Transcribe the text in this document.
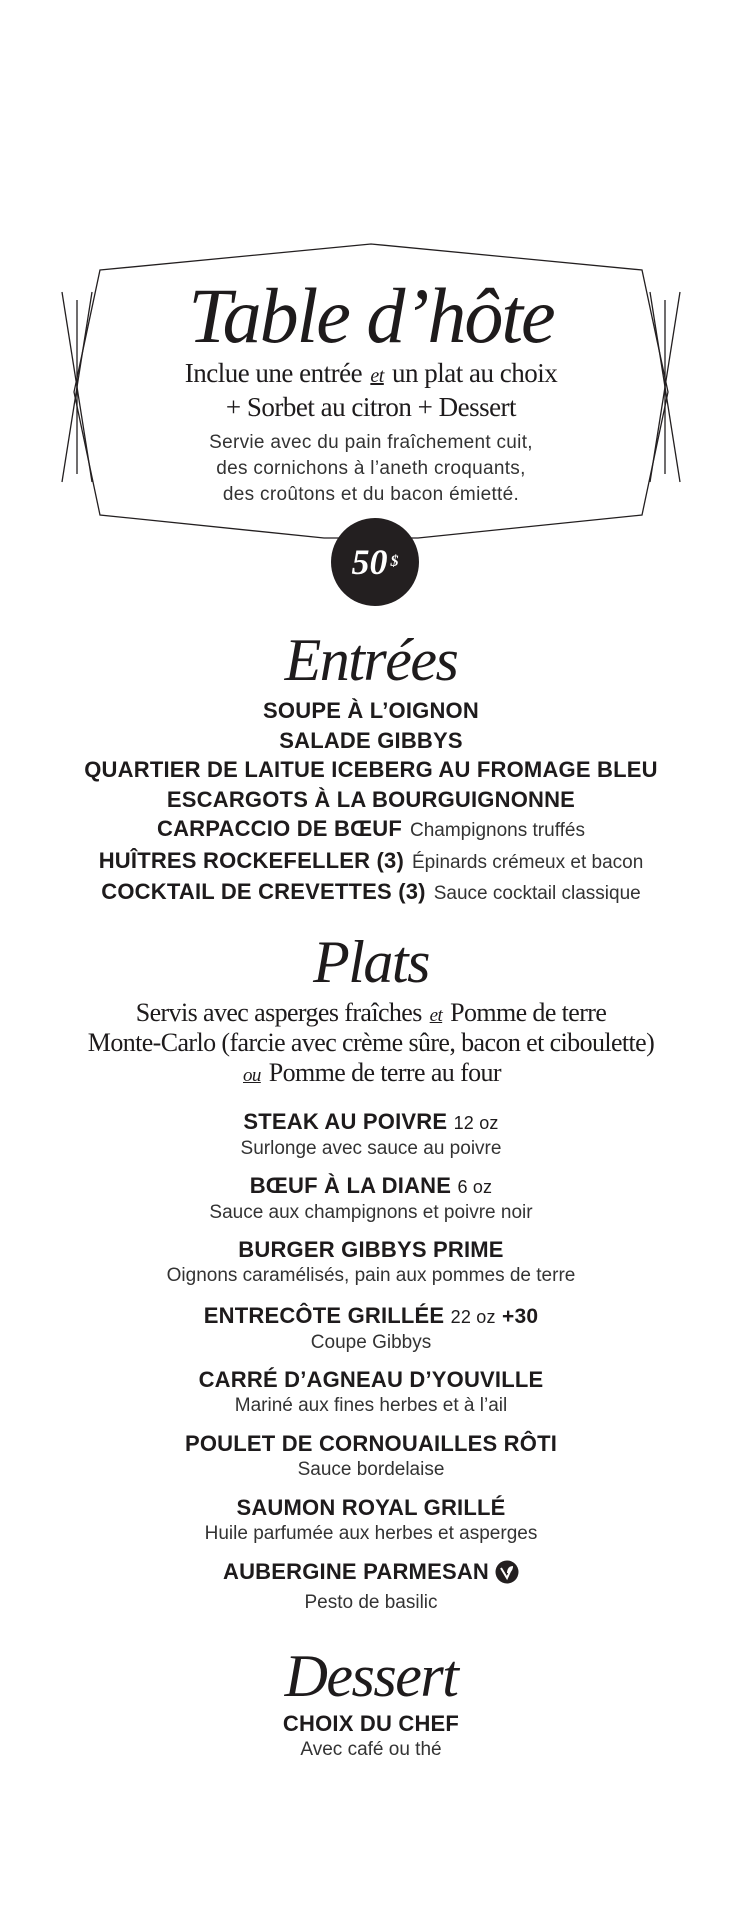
Table d’hôte
Inclue une entrée et un plat au choix
+ Sorbet au citron + Dessert
Servie avec du pain fraîchement cuit,
des cornichons à l’aneth croquants,
des croûtons et du bacon émietté.
50 $
Entrées
SOUPE À L’OIGNON
SALADE GIBBYS
QUARTIER DE LAITUE ICEBERG AU FROMAGE BLEU
ESCARGOTS À LA BOURGUIGNONNE
CARPACCIO DE BŒUF Champignons truffés
HUÎTRES ROCKEFELLER (3) Épinards crémeux et bacon
COCKTAIL DE CREVETTES (3) Sauce cocktail classique
Plats
Servis avec asperges fraîches et Pomme de terre
Monte-Carlo (farcie avec crème sûre, bacon et ciboulette)
ou Pomme de terre au four
STEAK AU POIVRE 12 oz
Surlonge avec sauce au poivre
BŒUF À LA DIANE 6 oz
Sauce aux champignons et poivre noir
BURGER GIBBYS PRIME
Oignons caramélisés, pain aux pommes de terre
ENTRECÔTE GRILLÉE 22 oz +30
Coupe Gibbys
CARRÉ D’AGNEAU D’YOUVILLE
Mariné aux fines herbes et à l’ail
POULET DE CORNOUAILLES RÔTI
Sauce bordelaise
SAUMON ROYAL GRILLÉ
Huile parfumée aux herbes et asperges
AUBERGINE PARMESAN
Pesto de basilic
Dessert
CHOIX DU CHEF
Avec café ou thé
